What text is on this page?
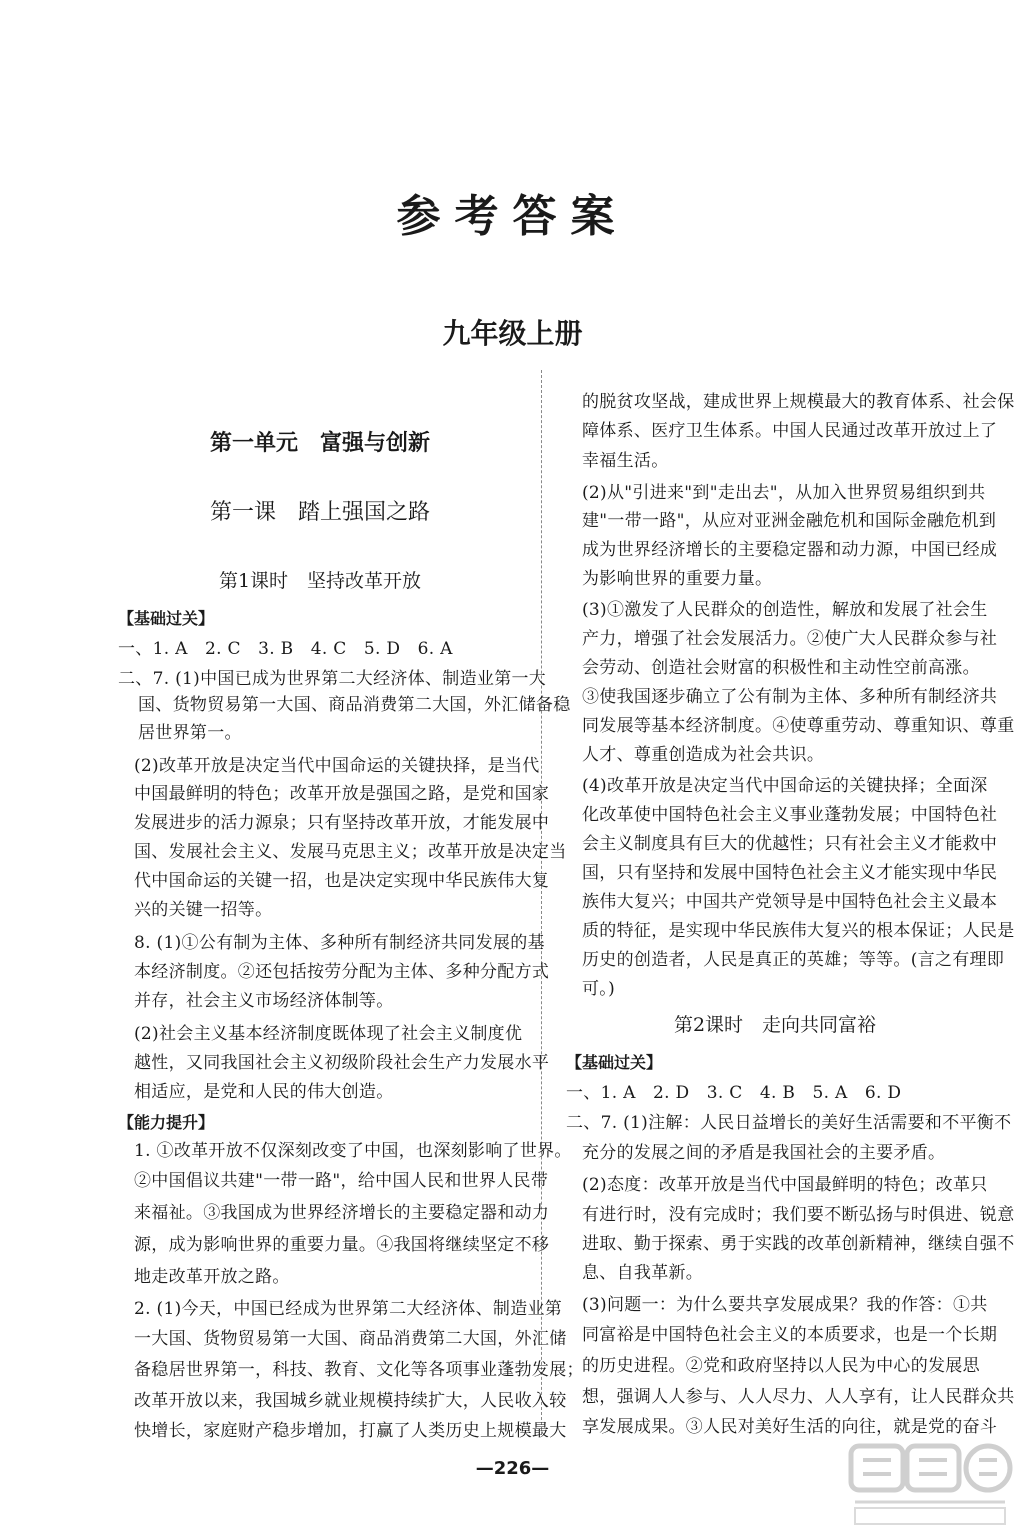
参考答案
九年级上册
第一单元　富强与创新
第一课　踏上强国之路
第1课时　坚持改革开放
【基础过关】
一、1. A　2. C　3. B　4. C　5. D　6. A
二、7. (1)中国已成为世界第二大经济体、制造业第一大
国、货物贸易第一大国、商品消费第二大国，外汇储备稳
居世界第一。
(2)改革开放是决定当代中国命运的关键抉择，是当代
中国最鲜明的特色；改革开放是强国之路，是党和国家
发展进步的活力源泉；只有坚持改革开放，才能发展中
国、发展社会主义、发展马克思主义；改革开放是决定当
代中国命运的关键一招，也是决定实现中华民族伟大复
兴的关键一招等。
8. (1)①公有制为主体、多种所有制经济共同发展的基
本经济制度。②还包括按劳分配为主体、多种分配方式
并存，社会主义市场经济体制等。
(2)社会主义基本经济制度既体现了社会主义制度优
越性，又同我国社会主义初级阶段社会生产力发展水平
相适应，是党和人民的伟大创造。
【能力提升】
1. ①改革开放不仅深刻改变了中国，也深刻影响了世界。
②中国倡议共建"一带一路"，给中国人民和世界人民带
来福祉。③我国成为世界经济增长的主要稳定器和动力
源，成为影响世界的重要力量。④我国将继续坚定不移
地走改革开放之路。
2. (1)今天，中国已经成为世界第二大经济体、制造业第
一大国、货物贸易第一大国、商品消费第二大国，外汇储
备稳居世界第一，科技、教育、文化等各项事业蓬勃发展；
改革开放以来，我国城乡就业规模持续扩大，人民收入较
快增长，家庭财产稳步增加，打赢了人类历史上规模最大
的脱贫攻坚战，建成世界上规模最大的教育体系、社会保
障体系、医疗卫生体系。中国人民通过改革开放过上了
幸福生活。
(2)从"引进来"到"走出去"，从加入世界贸易组织到共
建"一带一路"，从应对亚洲金融危机和国际金融危机到
成为世界经济增长的主要稳定器和动力源，中国已经成
为影响世界的重要力量。
(3)①激发了人民群众的创造性，解放和发展了社会生
产力，增强了社会发展活力。②使广大人民群众参与社
会劳动、创造社会财富的积极性和主动性空前高涨。
③使我国逐步确立了公有制为主体、多种所有制经济共
同发展等基本经济制度。④使尊重劳动、尊重知识、尊重
人才、尊重创造成为社会共识。
(4)改革开放是决定当代中国命运的关键抉择；全面深
化改革使中国特色社会主义事业蓬勃发展；中国特色社
会主义制度具有巨大的优越性；只有社会主义才能救中
国，只有坚持和发展中国特色社会主义才能实现中华民
族伟大复兴；中国共产党领导是中国特色社会主义最本
质的特征，是实现中华民族伟大复兴的根本保证；人民是
历史的创造者，人民是真正的英雄；等等。(言之有理即
可。)
第2课时　走向共同富裕
【基础过关】
一、1. A　2. D　3. C　4. B　5. A　6. D
二、7. (1)注解：人民日益增长的美好生活需要和不平衡不
充分的发展之间的矛盾是我国社会的主要矛盾。
(2)态度：改革开放是当代中国最鲜明的特色；改革只
有进行时，没有完成时；我们要不断弘扬与时俱进、锐意
进取、勤于探索、勇于实践的改革创新精神，继续自强不
息、自我革新。
(3)问题一：为什么要共享发展成果？我的作答：①共
同富裕是中国特色社会主义的本质要求，也是一个长期
的历史进程。②党和政府坚持以人民为中心的发展思
想，强调人人参与、人人尽力、人人享有，让人民群众共
享发展成果。③人民对美好生活的向往，就是党的奋斗
—226—
